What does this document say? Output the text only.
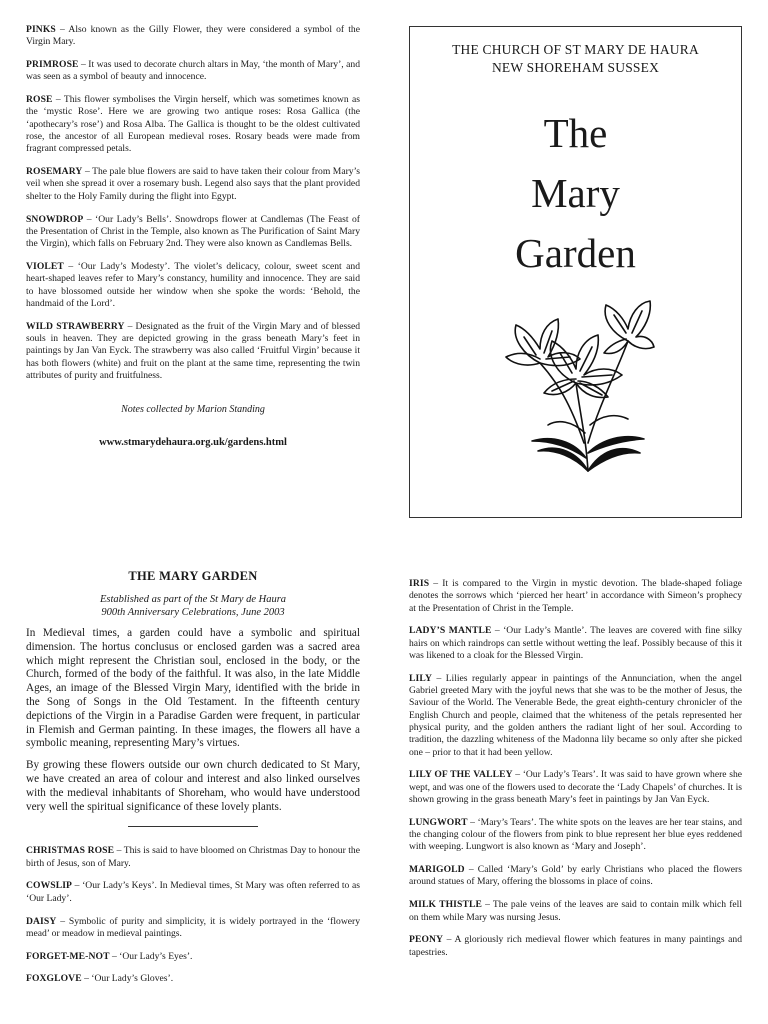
PINKS – Also known as the Gilly Flower, they were considered a symbol of the Virgin Mary.

PRIMROSE – It was used to decorate church altars in May, ‘the month of Mary’, and was seen as a symbol of beauty and innocence.

ROSE – This flower symbolises the Virgin herself, which was sometimes known as the ‘mystic Rose’. Here we are growing two antique roses: Rosa Gallica (the ‘apothecary’s rose’) and Rosa Alba. The Gallica is thought to be the oldest cultivated rose, the ancestor of all European medieval roses. Rosary beads were made from fragrant compressed petals.

ROSEMARY – The pale blue flowers are said to have taken their colour from Mary’s veil when she spread it over a rosemary bush. Legend also says that the plant provided shelter to the Holy Family during the flight into Egypt.

SNOWDROP – ‘Our Lady’s Bells’. Snowdrops flower at Candlemas (The Feast of the Presentation of Christ in the Temple, also known as The Purification of Saint Mary the Virgin), which falls on February 2nd. They were also known as Candlemas Bells.

VIOLET – ‘Our Lady’s Modesty’. The violet’s delicacy, colour, sweet scent and heart-shaped leaves refer to Mary’s constancy, humility and innocence. They are said to have blossomed outside her window when she spoke the words: ‘Behold, the handmaid of the Lord’.

WILD STRAWBERRY – Designated as the fruit of the Virgin Mary and of blessed souls in heaven. They are depicted growing in the grass beneath Mary’s feet in paintings by Jan Van Eyck. The strawberry was also called ‘Fruitful Virgin’ because it has both flowers (white) and fruit on the plant at the same time, representing the twin attributes of purity and fruitfulness.

Notes collected by Marion Standing

www.stmarydehaura.org.uk/gardens.html

THE CHURCH OF ST MARY DE HAURA
NEW SHOREHAM SUSSEX
The
Mary
Garden
THE MARY GARDEN
Established as part of the St Mary de Haura
900th Anniversary Celebrations, June 2003

In Medieval times, a garden could have a symbolic and spiritual dimension. The hortus conclusus or enclosed garden was a sacred area which might represent the Christian soul, enclosed in the body, or the Church, formed of the body of the faithful. It was also, in the late Middle Ages, an image of the Blessed Virgin Mary, identified with the bride in the Song of Songs in the Old Testament. In the fifteenth century depictions of the Virgin in a Paradise Garden were frequent, in particular in Flemish and German painting. In these images, the flowers all have a symbolic meaning, representing Mary’s virtues.

By growing these flowers outside our own church dedicated to St Mary, we have created an area of colour and interest and also linked ourselves with the medieval inhabitants of Shoreham, who would have understood very well the spiritual significance of these lovely plants.

CHRISTMAS ROSE – This is said to have bloomed on Christmas Day to honour the birth of Jesus, son of Mary.

COWSLIP – ‘Our Lady’s Keys’. In Medieval times, St Mary was often referred to as ‘Our Lady’.

DAISY – Symbolic of purity and simplicity, it is widely portrayed in the ‘flowery mead’ or meadow in medieval paintings.

FORGET-ME-NOT – ‘Our Lady’s Eyes’.

FOXGLOVE – ‘Our Lady’s Gloves’.

IRIS – It is compared to the Virgin in mystic devotion. The blade-shaped foliage denotes the sorrows which ‘pierced her heart’ in accordance with Simeon’s prophecy at the Presentation of Christ in the Temple.

LADY’S MANTLE – ‘Our Lady’s Mantle’. The leaves are covered with fine silky hairs on which raindrops can settle without wetting the leaf. Possibly because of this it was likened to a cloak for the Blessed Virgin.

LILY – Lilies regularly appear in paintings of the Annunciation, when the angel Gabriel greeted Mary with the joyful news that she was to be the mother of Jesus, the Saviour of the World. The Venerable Bede, the great eighth-century chronicler of the English Church and people, claimed that the whiteness of the petals represented her physical purity, and the golden anthers the radiant light of her soul. According to tradition, the dazzling whiteness of the Madonna lily became so only after she picked one – prior to that it had been yellow.

LILY OF THE VALLEY – ‘Our Lady’s Tears’. It was said to have grown where she wept, and was one of the flowers used to decorate the ‘Lady Chapels’ of churches. It is shown growing in the grass beneath Mary’s feet in paintings by Jan Van Eyck.

LUNGWORT – ‘Mary’s Tears’. The white spots on the leaves are her tear stains, and the changing colour of the flowers from pink to blue represent her blue eyes reddened with weeping. Lungwort is also known as ‘Mary and Joseph’.

MARIGOLD – Called ‘Mary’s Gold’ by early Christians who placed the flowers around statues of Mary, offering the blossoms in place of coins.

MILK THISTLE – The pale veins of the leaves are said to contain milk which fell on them while Mary was nursing Jesus.

PEONY – A gloriously rich medieval flower which features in many paintings and tapestries.
